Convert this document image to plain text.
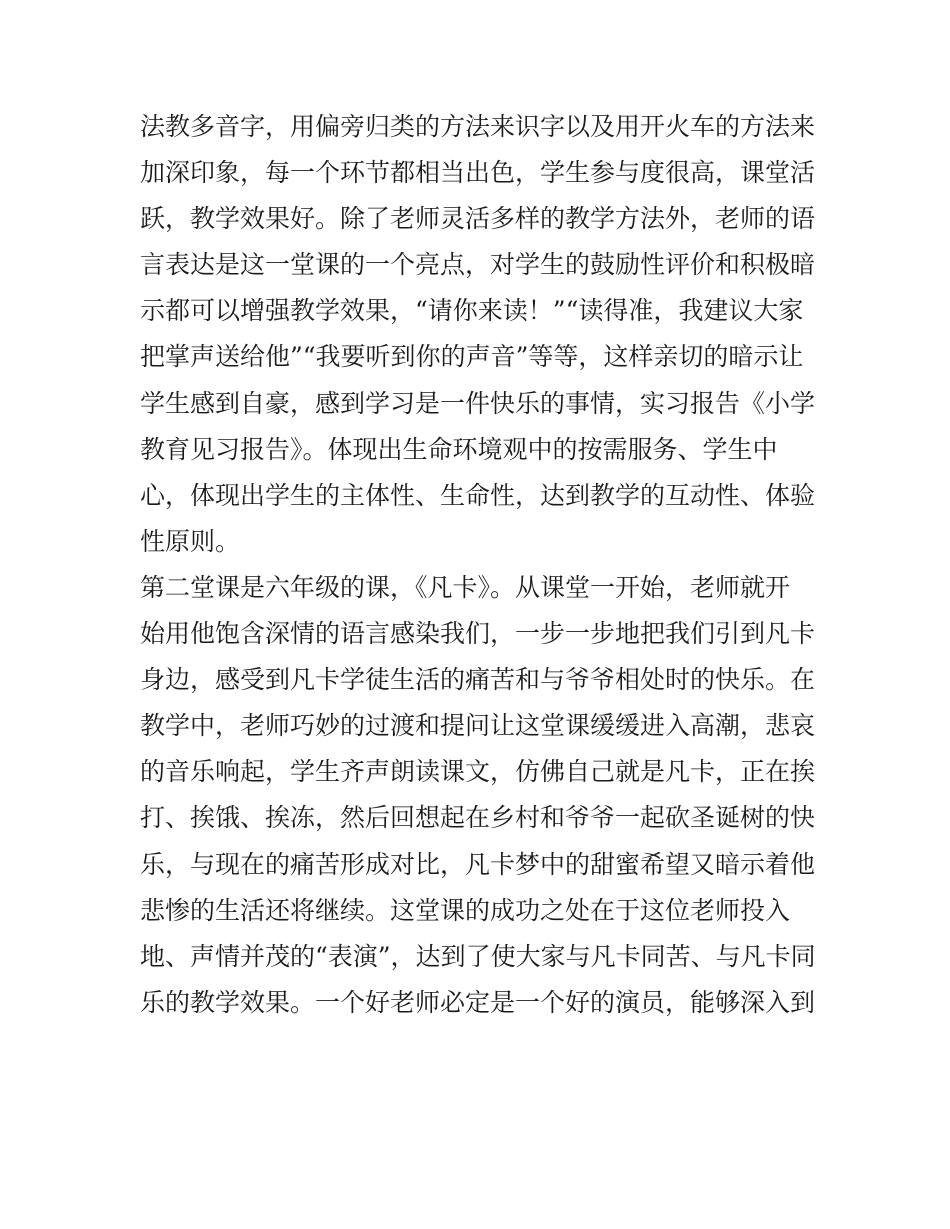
法教多音字，用偏旁归类的方法来识字以及用开火车的方法来
加深印象，每一个环节都相当出色，学生参与度很高，课堂活
跃，教学效果好。除了老师灵活多样的教学方法外，老师的语
言表达是这一堂课的一个亮点，对学生的鼓励性评价和积极暗
示都可以增强教学效果，“请你来读！”“读得准，我建议大家
把掌声送给他”“我要听到你的声音”等等，这样亲切的暗示让
学生感到自豪，感到学习是一件快乐的事情，实习报告《小学
教育见习报告》。体现出生命环境观中的按需服务、学生中
心，体现出学生的主体性、生命性，达到教学的互动性、体验
性原则。
第二堂课是六年级的课，《凡卡》。从课堂一开始，老师就开
始用他饱含深情的语言感染我们，一步一步地把我们引到凡卡
身边，感受到凡卡学徒生活的痛苦和与爷爷相处时的快乐。在
教学中，老师巧妙的过渡和提问让这堂课缓缓进入高潮，悲哀
的音乐响起，学生齐声朗读课文，仿佛自己就是凡卡，正在挨
打、挨饿、挨冻，然后回想起在乡村和爷爷一起砍圣诞树的快
乐，与现在的痛苦形成对比，凡卡梦中的甜蜜希望又暗示着他
悲惨的生活还将继续。这堂课的成功之处在于这位老师投入
地、声情并茂的“表演”，达到了使大家与凡卡同苦、与凡卡同
乐的教学效果。一个好老师必定是一个好的演员，能够深入到
